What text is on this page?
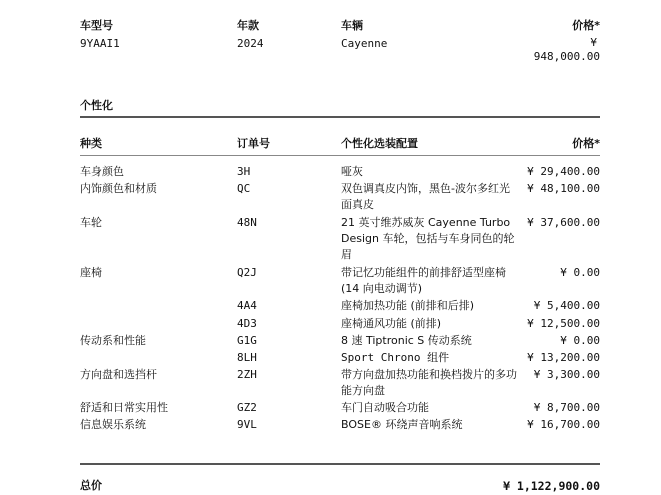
车型号	年款	车辆	价格*
9YAAI1	2024	Cayenne	¥
948,000.00
个性化
种类	订单号	个性化选装配置	价格*
车身颜色	3H	哑灰	¥ 29,400.00
内饰颜色和材质	QC	双色调真皮内饰，黑色-波尔多红光面真皮
¥ 48,100.00
车轮	48N	21 英寸维苏威灰 Cayenne Turbo Design 车轮，包括与车身同色的轮眉
¥ 37,600.00
座椅	Q2J	带记忆功能组件的前排舒适型座椅 (14 向电动调节)
¥ 0.00
4A4	座椅加热功能 (前排和后排)	¥ 5,400.00
4D3	座椅通风功能 (前排)	¥ 12,500.00
传动系和性能	G1G	8 速 Tiptronic S 传动系统	¥ 0.00
8LH	Sport Chrono 组件	¥ 13,200.00
方向盘和选挡杆	2ZH	带方向盘加热功能和换档拨片的多功能方向盘
¥ 3,300.00
舒适和日常实用性	GZ2	车门自动吸合功能	¥ 8,700.00
信息娱乐系统	9VL	BOSE® 环绕声音响系统	¥ 16,700.00
总价	¥ 1,122,900.00
